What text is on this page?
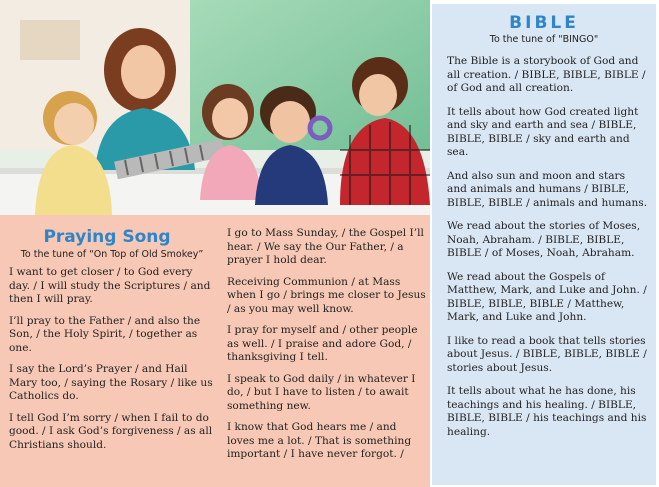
Praying Song
To the tune of “On Top of Old Smokey”

I want to get closer / to God every day. / I will study the Scriptures / and then I will pray.

I’ll pray to the Father / and also the Son, / the Holy Spirit, / together as one.

I say the Lord’s Prayer / and Hail Mary too, / saying the Rosary / like us Catholics do.

I tell God I’m sorry / when I fail to do good. / I ask God’s forgiveness / as all Christians should.

I go to Mass Sunday, / the Gospel I’ll hear. / We say the Our Father, / a prayer I hold dear.

Receiving Communion / at Mass when I go / brings me closer to Jesus / as you may well know.

I pray for myself and / other people as well. / I praise and adore God, / thanksgiving I tell.

I speak to God daily / in whatever I do, / but I have to listen / to await something new.

I know that God hears me / and loves me a lot. / That is something important / I have never forgot. /

BIBLE
To the tune of "BINGO"

The Bible is a storybook of God and all creation. / BIBLE, BIBLE, BIBLE / of God and all creation.

It tells about how God created light and sky and earth and sea / BIBLE, BIBLE, BIBLE / sky and earth and sea.

And also sun and moon and stars and animals and humans / BIBLE, BIBLE, BIBLE / animals and humans.

We read about the stories of Moses, Noah, Abraham. / BIBLE, BIBLE, BIBLE / of Moses, Noah, Abraham.

We read about the Gospels of Matthew, Mark, and Luke and John. / BIBLE, BIBLE, BIBLE / Matthew, Mark, and Luke and John.

I like to read a book that tells stories about Jesus. / BIBLE, BIBLE, BIBLE / stories about Jesus.

It tells about what he has done, his teachings and his healing. / BIBLE, BIBLE, BIBLE / his teachings and his healing.
